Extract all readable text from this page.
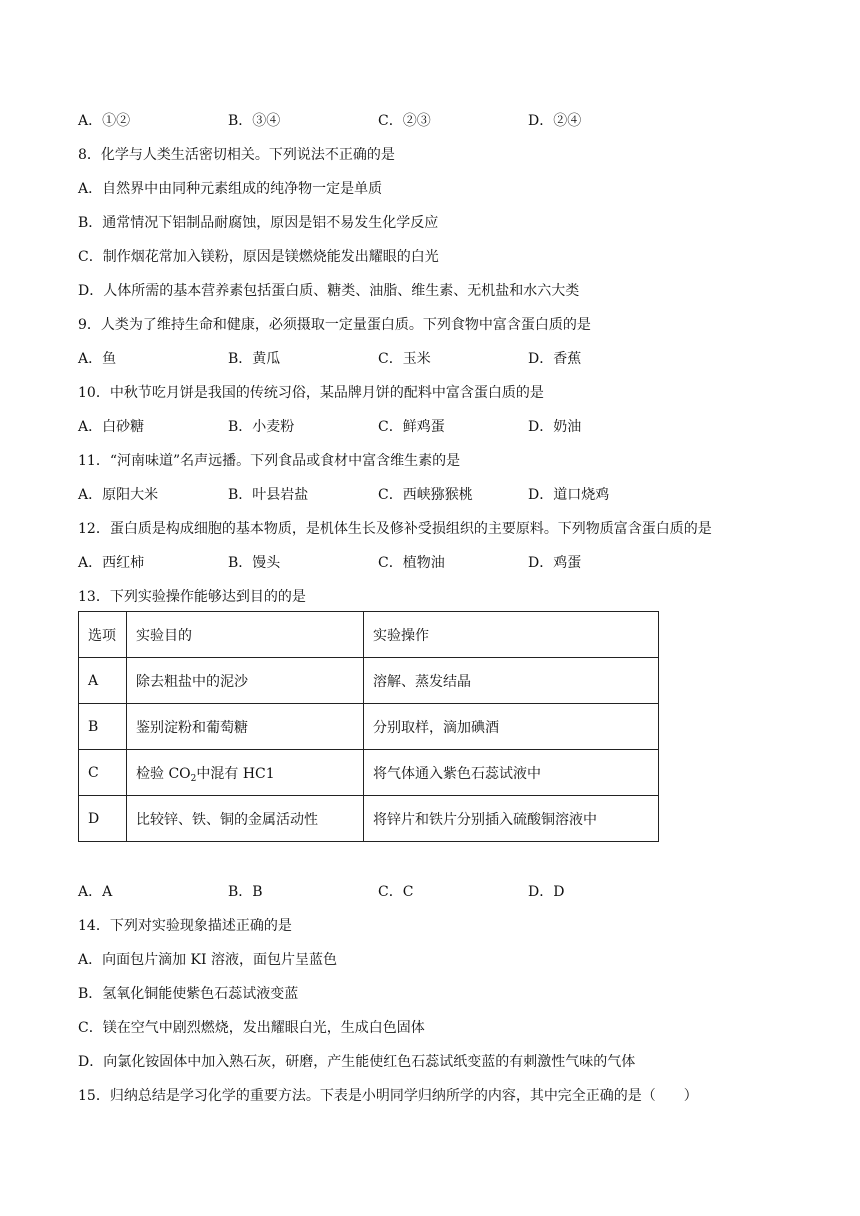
A．①②	B．③④	C．②③	D．②④
8．化学与人类生活密切相关。下列说法不正确的是
A．自然界中由同种元素组成的纯净物一定是单质
B．通常情况下铝制品耐腐蚀，原因是铝不易发生化学反应
C．制作烟花常加入镁粉，原因是镁燃烧能发出耀眼的白光
D．人体所需的基本营养素包括蛋白质、糖类、油脂、维生素、无机盐和水六大类
9．人类为了维持生命和健康，必须摄取一定量蛋白质。下列食物中富含蛋白质的是
A．鱼	B．黄瓜	C．玉米	D．香蕉
10．中秋节吃月饼是我国的传统习俗，某品牌月饼的配料中富含蛋白质的是
A．白砂糖	B．小麦粉	C．鲜鸡蛋	D．奶油
11．“河南味道”名声远播。下列食品或食材中富含维生素的是
A．原阳大米	B．叶县岩盐	C．西峡猕猴桃	D．道口烧鸡
12．蛋白质是构成细胞的基本物质，是机体生长及修补受损组织的主要原料。下列物质富含蛋白质的是
A．西红柿	B．馒头	C．植物油	D．鸡蛋
13．下列实验操作能够达到目的的是
选项	实验目的	实验操作
A	除去粗盐中的泥沙	溶解、蒸发结晶
B	鉴别淀粉和葡萄糖	分别取样，滴加碘酒
C	检验 $CO_2$中混有 HC1	将气体通入紫色石蕊试液中
D	比较锌、铁、铜的金属活动性	将锌片和铁片分别插入硫酸铜溶液中
A．A	B．B	C．C	D．D
14．下列对实验现象描述正确的是
A．向面包片滴加 KI 溶液，面包片呈蓝色
B．氢氧化铜能使紫色石蕊试液变蓝
C．镁在空气中剧烈燃烧，发出耀眼白光，生成白色固体
D．向氯化铵固体中加入熟石灰，研磨，产生能使红色石蕊试纸变蓝的有刺激性气味的气体
15．归纳总结是学习化学的重要方法。下表是小明同学归纳所学的内容，其中完全正确的是（　　）
